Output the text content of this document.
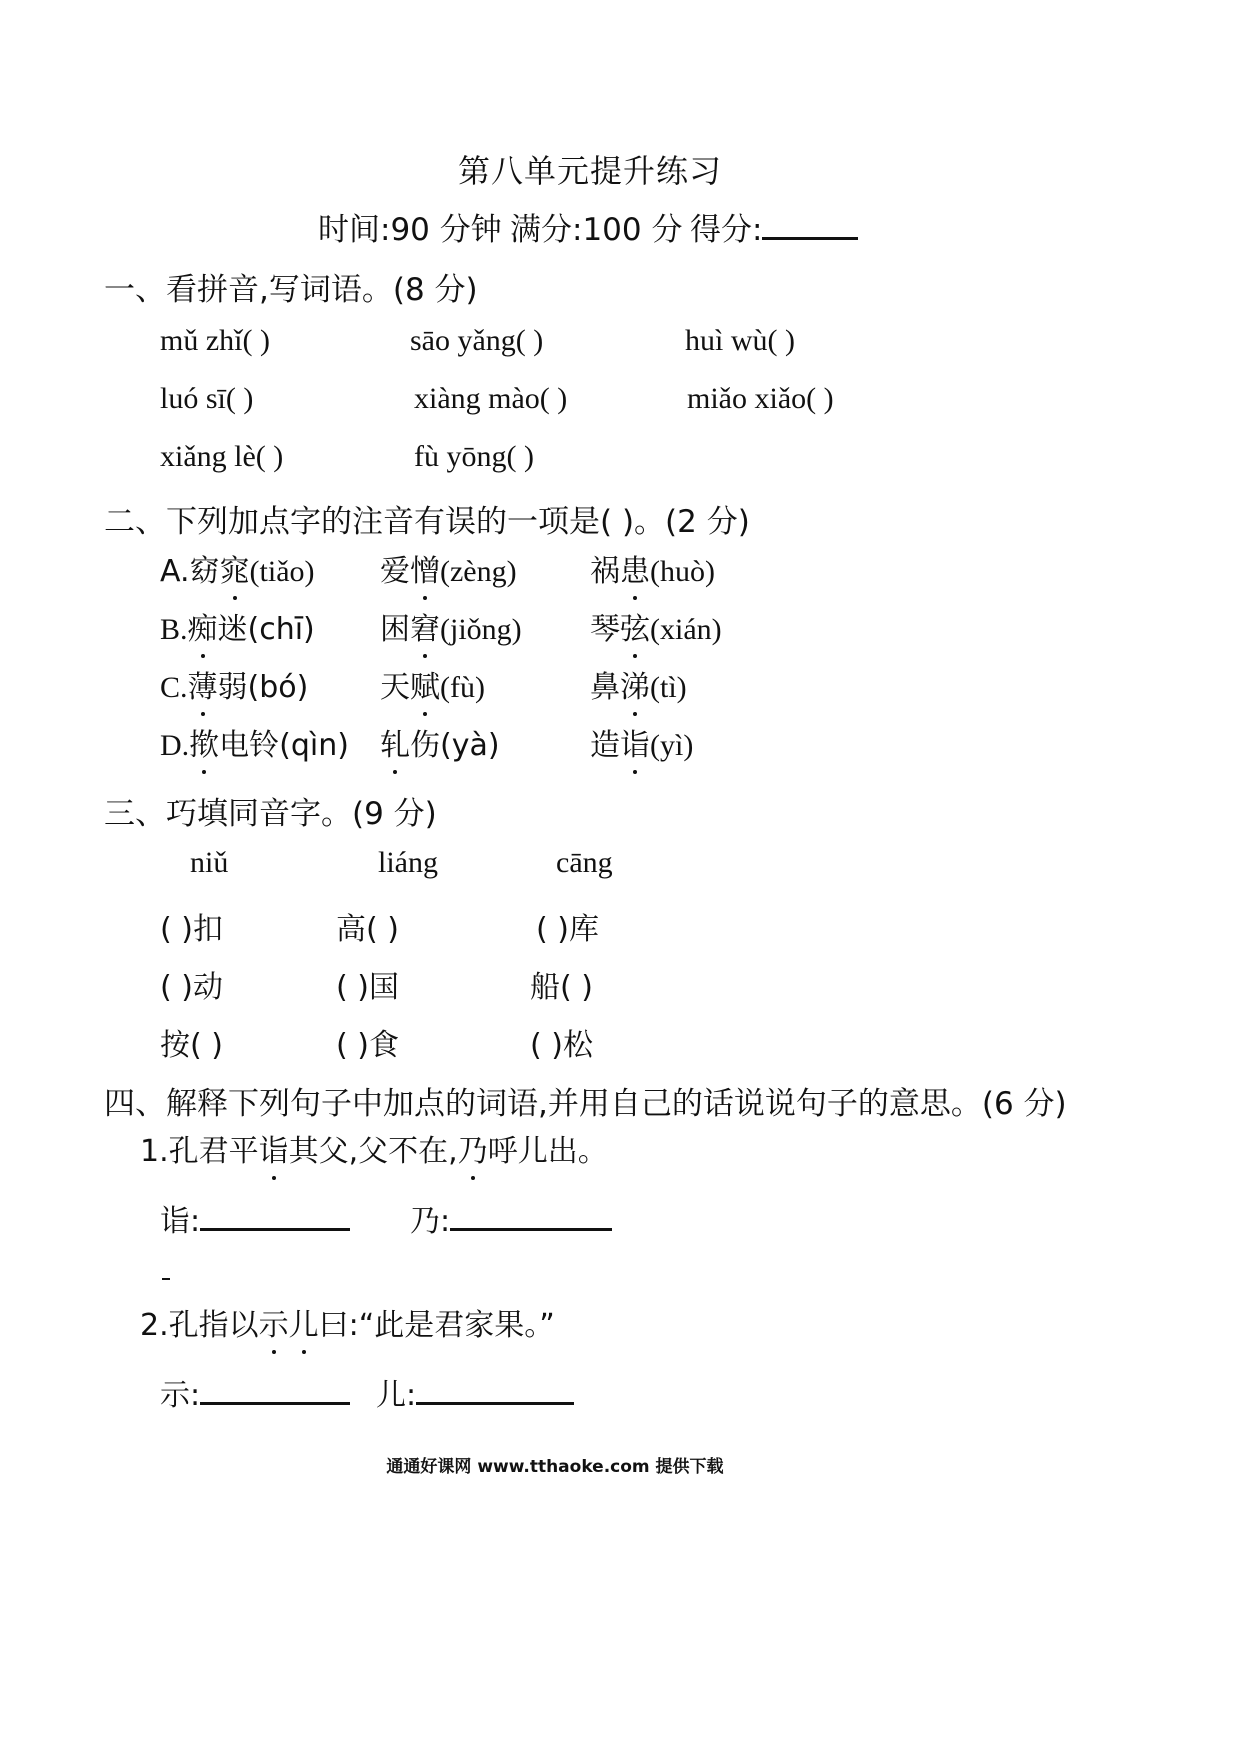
第八单元提升练习
时间:90 分钟 满分:100 分 得分:
一、看拼音,写词语。(8 分)
mǔ zhǐ( )	sāo yǎng( )	huì wù( )
luó sī( )	xiàng mào( )	miǎo xiǎo( )
xiǎng lè( )	fù yōng( )
二、下列加点字的注音有误的一项是( )。(2 分)
A.窈窕(tiǎo) 爱憎(zèng) 祸患(huò)
B.痴迷(chī) 困窘(jiǒng) 琴弦(xián)
C.薄弱(bó) 天赋(fù)	鼻涕(tì)
D.揿电铃(qìn) 轧伤(yà)	造诣(yì)
三、巧填同音字。(9 分)
niǔ	liáng	cāng
( )扣	高( )	( )库
( )动	( )国	船( )
按( )	( )食	( )松
四、解释下列句子中加点的词语,并用自己的话说说句子的意思。(6 分)
1.孔君平诣其父,父不在,乃呼儿出。
诣:	乃:
2.孔指以示儿曰:“此是君家果。”
示:	儿:
通通好课网 www.tthaoke.com 提供下载
